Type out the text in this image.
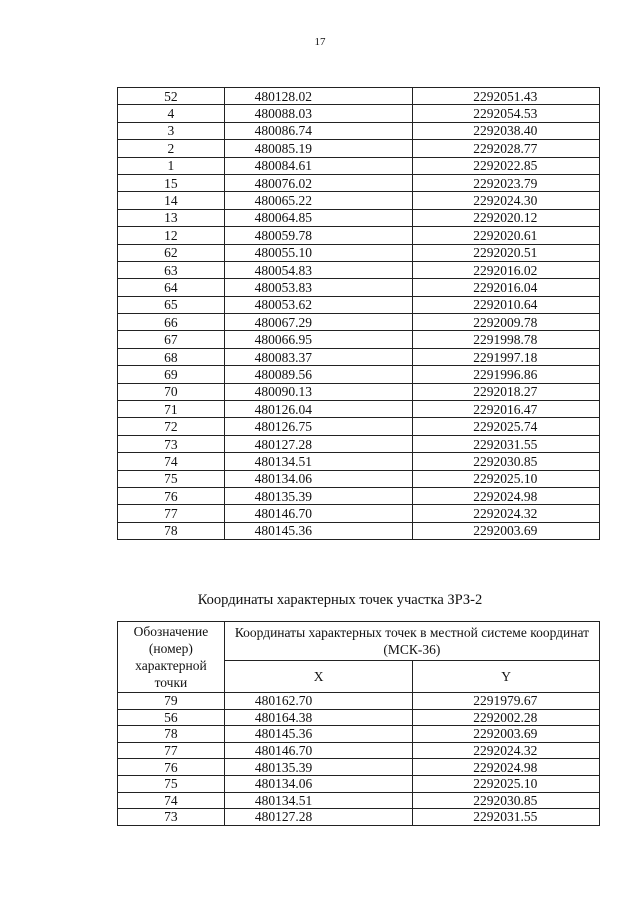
17
52	480128.02	2292051.43
4	480088.03	2292054.53
3	480086.74	2292038.40
2	480085.19	2292028.77
1	480084.61	2292022.85
15	480076.02	2292023.79
14	480065.22	2292024.30
13	480064.85	2292020.12
12	480059.78	2292020.61
62	480055.10	2292020.51
63	480054.83	2292016.02
64	480053.83	2292016.04
65	480053.62	2292010.64
66	480067.29	2292009.78
67	480066.95	2291998.78
68	480083.37	2291997.18
69	480089.56	2291996.86
70	480090.13	2292018.27
71	480126.04	2292016.47
72	480126.75	2292025.74
73	480127.28	2292031.55
74	480134.51	2292030.85
75	480134.06	2292025.10
76	480135.39	2292024.98
77	480146.70	2292024.32
78	480145.36	2292003.69
Координаты характерных точек участка ЗРЗ-2
Обозначение (номер) характерной точки	Координаты характерных точек в местной системе координат (МСК-36)	
	X	Y
79	480162.70	2291979.67
56	480164.38	2292002.28
78	480145.36	2292003.69
77	480146.70	2292024.32
76	480135.39	2292024.98
75	480134.06	2292025.10
74	480134.51	2292030.85
73	480127.28	2292031.55
